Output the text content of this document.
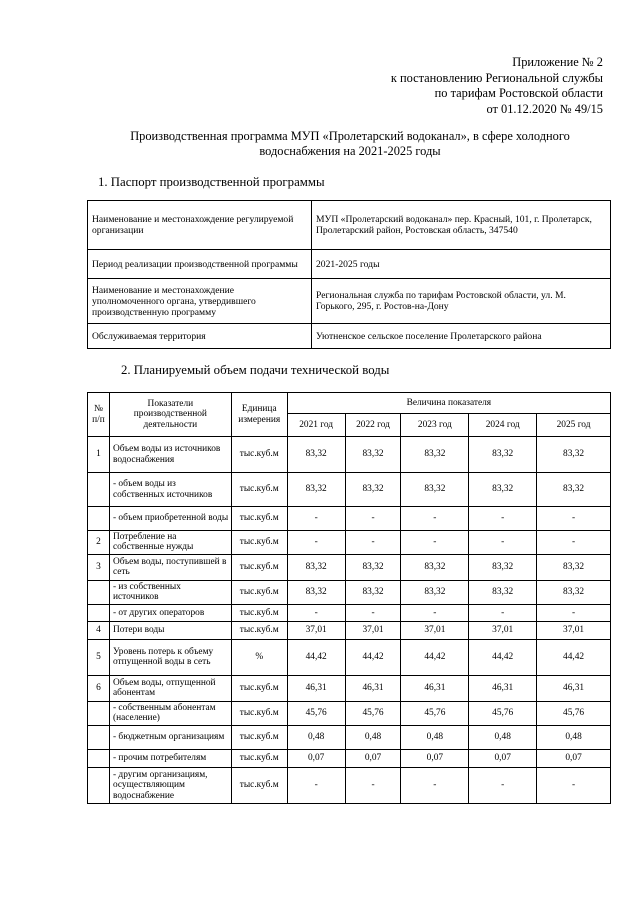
Приложение № 2
к постановлению Региональной службы
по тарифам Ростовской области
от 01.12.2020 № 49/15
Производственная программа МУП «Пролетарский водоканал», в сфере холодного
водоснабжения на 2021-2025 годы
1. Паспорт производственной программы
Наименование и местонахождение регулируемой организации	МУП «Пролетарский водоканал» пер. Красный, 101, г. Пролетарск, Пролетарский район, Ростовская область, 347540
Период реализации производственной программы	2021-2025 годы
Наименование и местонахождение уполномоченного органа, утвердившего производственную программу	Региональная служба по тарифам Ростовской области, ул. М. Горького, 295, г. Ростов-на-Дону
Обслуживаемая территория	Уютненское сельское поселение Пролетарского района
2. Планируемый объем подачи технической воды
№ п/п	Показатели производственной деятельности	Единица измерения	Величина показателя				
			2021 год	2022 год	2023 год	2024 год	2025 год
1	Объем воды из источников водоснабжения	тыс.куб.м	83,32	83,32	83,32	83,32	83,32
	- объем воды из собственных источников	тыс.куб.м	83,32	83,32	83,32	83,32	83,32
	- объем приобретенной воды	тыс.куб.м	-	-	-	-	-
2	Потребление на собственные нужды	тыс.куб.м	-	-	-	-	-
3	Объем воды, поступившей в сеть	тыс.куб.м	83,32	83,32	83,32	83,32	83,32
	- из собственных источников	тыс.куб.м	83,32	83,32	83,32	83,32	83,32
	- от других операторов	тыс.куб.м	-	-	-	-	-
4	Потери воды	тыс.куб.м	37,01	37,01	37,01	37,01	37,01
5	Уровень потерь к объему отпущенной воды в сеть	%	44,42	44,42	44,42	44,42	44,42
6	Объем воды, отпущенной абонентам	тыс.куб.м	46,31	46,31	46,31	46,31	46,31
	- собственным абонентам (население)	тыс.куб.м	45,76	45,76	45,76	45,76	45,76
	- бюджетным организациям	тыс.куб.м	0,48	0,48	0,48	0,48	0,48
	- прочим потребителям	тыс.куб.м	0,07	0,07	0,07	0,07	0,07
	- другим организациям, осуществляющим водоснабжение	тыс.куб.м	-	-	-	-	-
